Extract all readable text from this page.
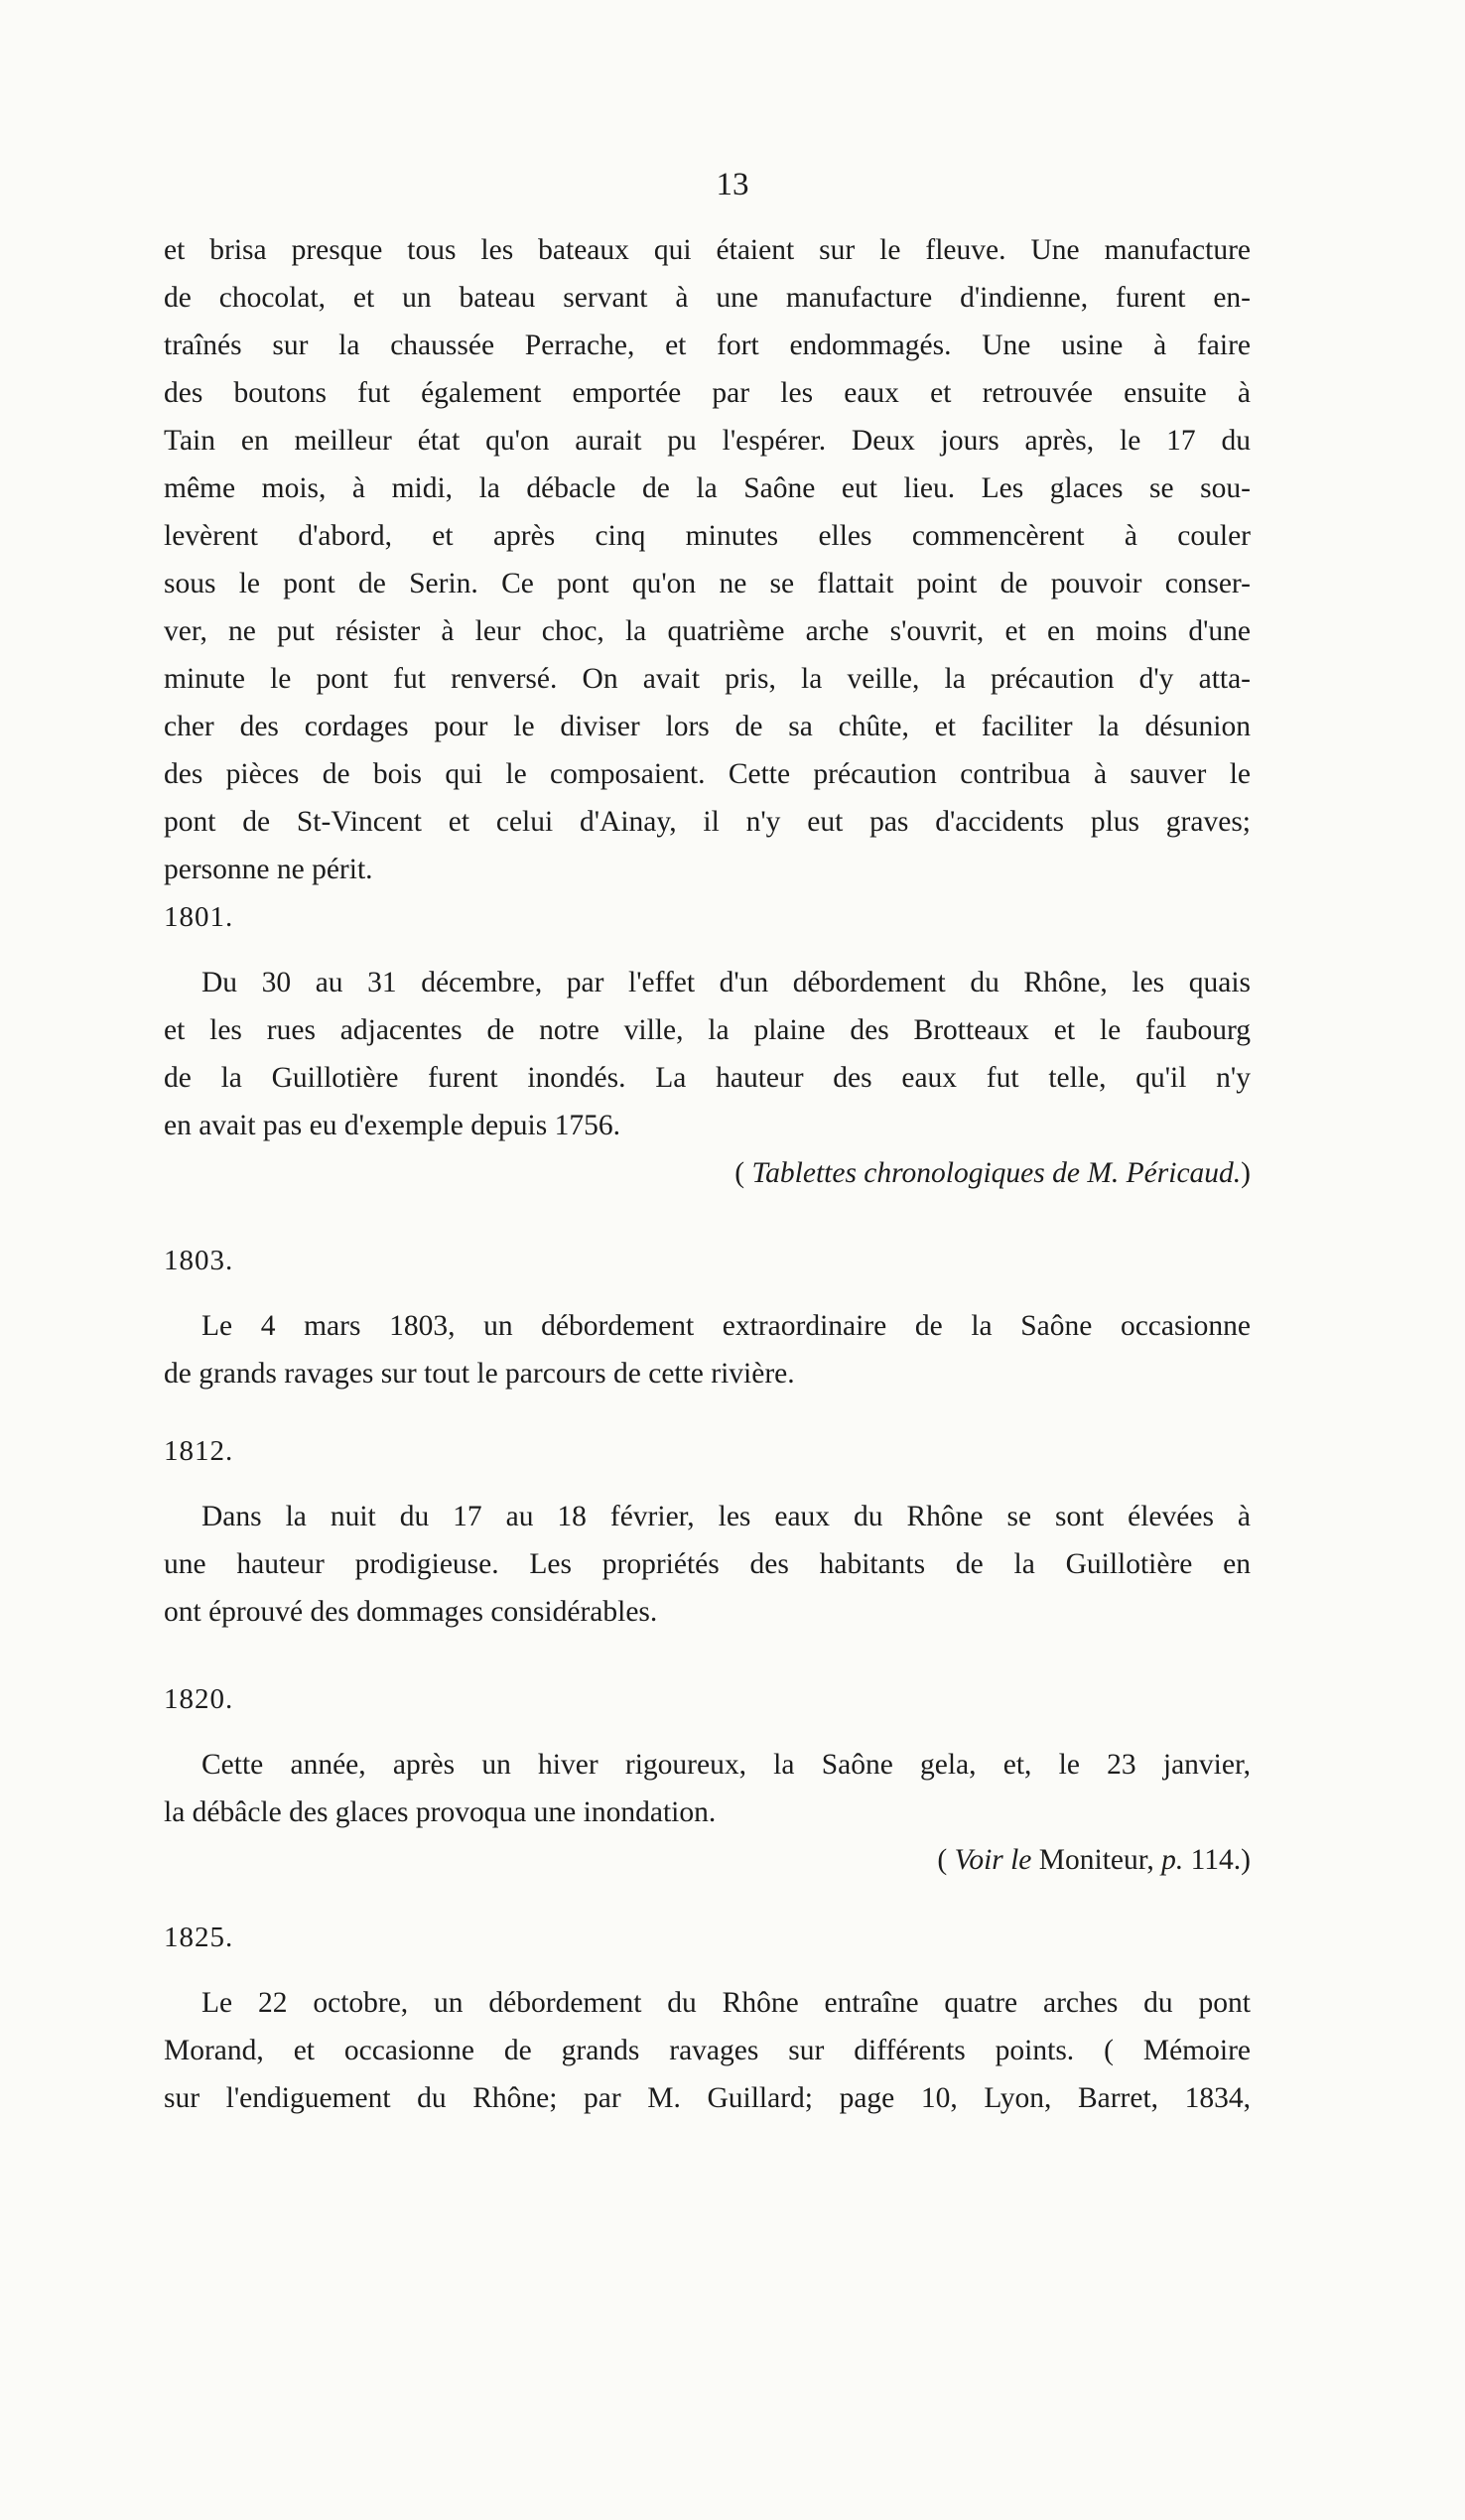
13
et brisa presque tous les bateaux qui étaient sur le fleuve. Une manufacture
de chocolat, et un bateau servant à une manufacture d'indienne, furent en-
traînés sur la chaussée Perrache, et fort endommagés. Une usine à faire
des boutons fut également emportée par les eaux et retrouvée ensuite à
Tain en meilleur état qu'on aurait pu l'espérer. Deux jours après, le 17 du
même mois, à midi, la débacle de la Saône eut lieu. Les glaces se sou-
levèrent d'abord, et après cinq minutes elles commencèrent à couler
sous le pont de Serin. Ce pont qu'on ne se flattait point de pouvoir conser-
ver, ne put résister à leur choc, la quatrième arche s'ouvrit, et en moins d'une
minute le pont fut renversé. On avait pris, la veille, la précaution d'y atta-
cher des cordages pour le diviser lors de sa chûte, et faciliter la désunion
des pièces de bois qui le composaient. Cette précaution contribua à sauver le
pont de St-Vincent et celui d'Ainay, il n'y eut pas d'accidents plus graves;
personne ne périt.
1801.
Du 30 au 31 décembre, par l'effet d'un débordement du Rhône, les quais
et les rues adjacentes de notre ville, la plaine des Brotteaux et le faubourg
de la Guillotière furent inondés. La hauteur des eaux fut telle, qu'il n'y
en avait pas eu d'exemple depuis 1756.
( Tablettes chronologiques de M. Péricaud.)
1803.
Le 4 mars 1803, un débordement extraordinaire de la Saône occasionne
de grands ravages sur tout le parcours de cette rivière.
1812.
Dans la nuit du 17 au 18 février, les eaux du Rhône se sont élevées à
une hauteur prodigieuse. Les propriétés des habitants de la Guillotière en
ont éprouvé des dommages considérables.
1820.
Cette année, après un hiver rigoureux, la Saône gela, et, le 23 janvier,
la débâcle des glaces provoqua une inondation.
( Voir le Moniteur, p. 114.)
1825.
Le 22 octobre, un débordement du Rhône entraîne quatre arches du pont
Morand, et occasionne de grands ravages sur différents points. ( Mémoire
sur l'endiguement du Rhône; par M. Guillard; page 10, Lyon, Barret, 1834,
